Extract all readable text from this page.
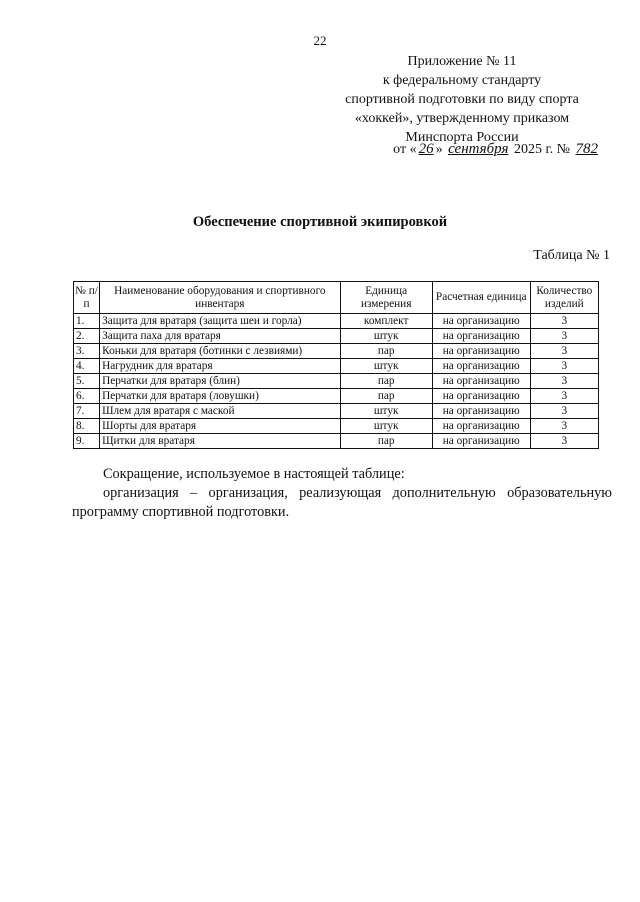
22
Приложение № 11
к федеральному стандарту
спортивной подготовки по виду спорта
«хоккей», утвержденному приказом
Минспорта России
от « 26 » сентября 2025 г. № 782
Обеспечение спортивной экипировкой
Таблица № 1
№ п/п	Наименование оборудования и спортивного инвентаря	Единица измерения	Расчетная единица	Количество изделий
1.	Защита для вратаря (защита шеи и горла)	комплект	на организацию	3
2.	Защита паха для вратаря	штук	на организацию	3
3.	Коньки для вратаря (ботинки с лезвиями)	пар	на организацию	3
4.	Нагрудник для вратаря	штук	на организацию	3
5.	Перчатки для вратаря (блин)	пар	на организацию	3
6.	Перчатки для вратаря (ловушки)	пар	на организацию	3
7.	Шлем для вратаря с маской	штук	на организацию	3
8.	Шорты для вратаря	штук	на организацию	3
9.	Щитки для вратаря	пар	на организацию	3

Сокращение, используемое в настоящей таблице:

организация – организация, реализующая дополнительную образовательную программу спортивной подготовки.
